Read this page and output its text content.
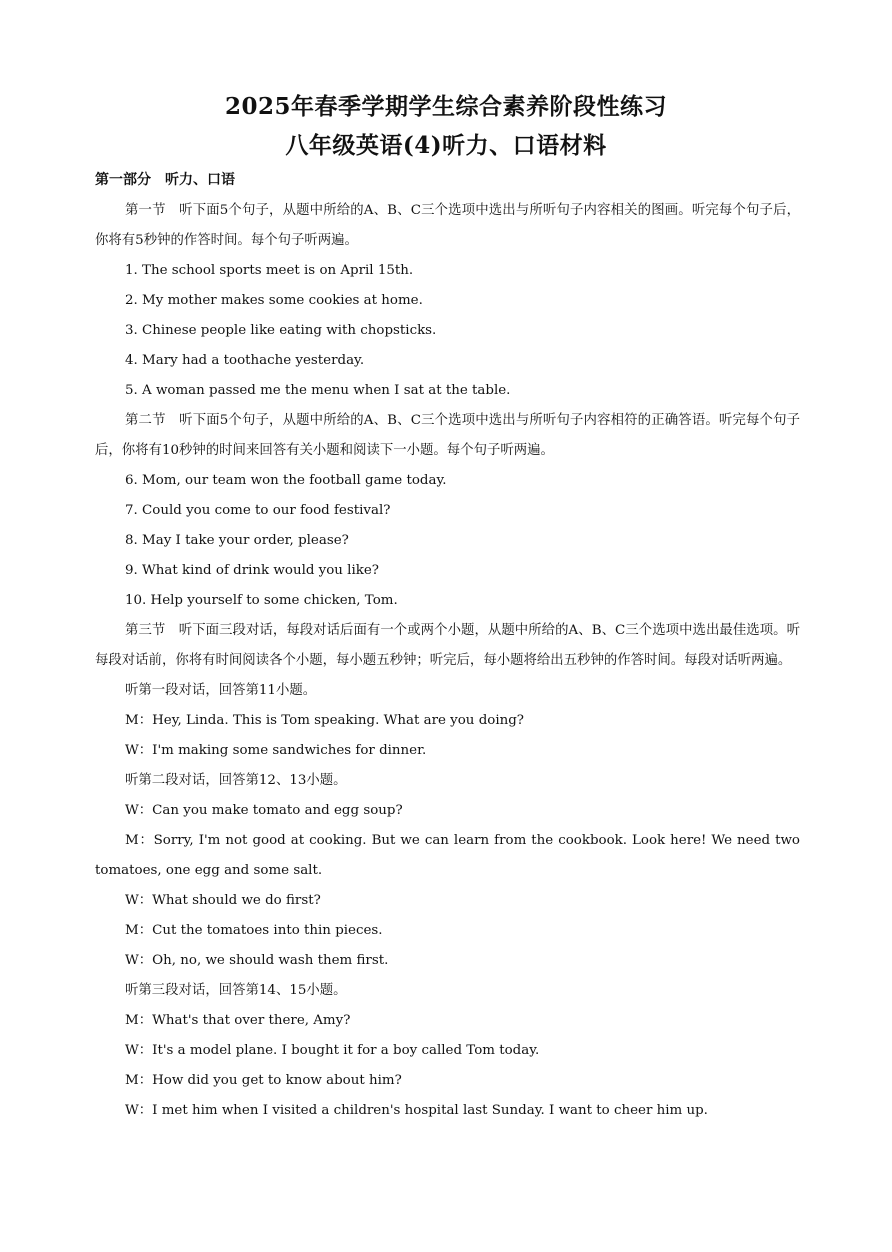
2025年春季学期学生综合素养阶段性练习
八年级英语(4)听力、口语材料
第一部分　听力、口语

第一节　听下面5个句子，从题中所给的A、B、C三个选项中选出与所听句子内容相关的图画。听完每个句子后，你将有5秒钟的作答时间。每个句子听两遍。

1. The school sports meet is on April 15th.

2. My mother makes some cookies at home.

3. Chinese people like eating with chopsticks.

4. Mary had a toothache yesterday.

5. A woman passed me the menu when I sat at the table.

第二节　听下面5个句子，从题中所给的A、B、C三个选项中选出与所听句子内容相符的正确答语。听完每个句子后，你将有10秒钟的时间来回答有关小题和阅读下一小题。每个句子听两遍。

6. Mom, our team won the football game today.

7. Could you come to our food festival?

8. May I take your order, please?

9. What kind of drink would you like?

10. Help yourself to some chicken, Tom.

第三节　听下面三段对话，每段对话后面有一个或两个小题，从题中所给的A、B、C三个选项中选出最佳选项。听每段对话前，你将有时间阅读各个小题，每小题五秒钟；听完后，每小题将给出五秒钟的作答时间。每段对话听两遍。

听第一段对话，回答第11小题。

M：Hey, Linda. This is Tom speaking. What are you doing?

W：I'm making some sandwiches for dinner.

听第二段对话，回答第12、13小题。

W：Can you make tomato and egg soup?

M：Sorry, I'm not good at cooking. But we can learn from the cookbook. Look here! We need two tomatoes, one egg and some salt.

W：What should we do first?

M：Cut the tomatoes into thin pieces.

W：Oh, no, we should wash them first.

听第三段对话，回答第14、15小题。

M：What's that over there, Amy?

W：It's a model plane. I bought it for a boy called Tom today.

M：How did you get to know about him?

W：I met him when I visited a children's hospital last Sunday. I want to cheer him up.
